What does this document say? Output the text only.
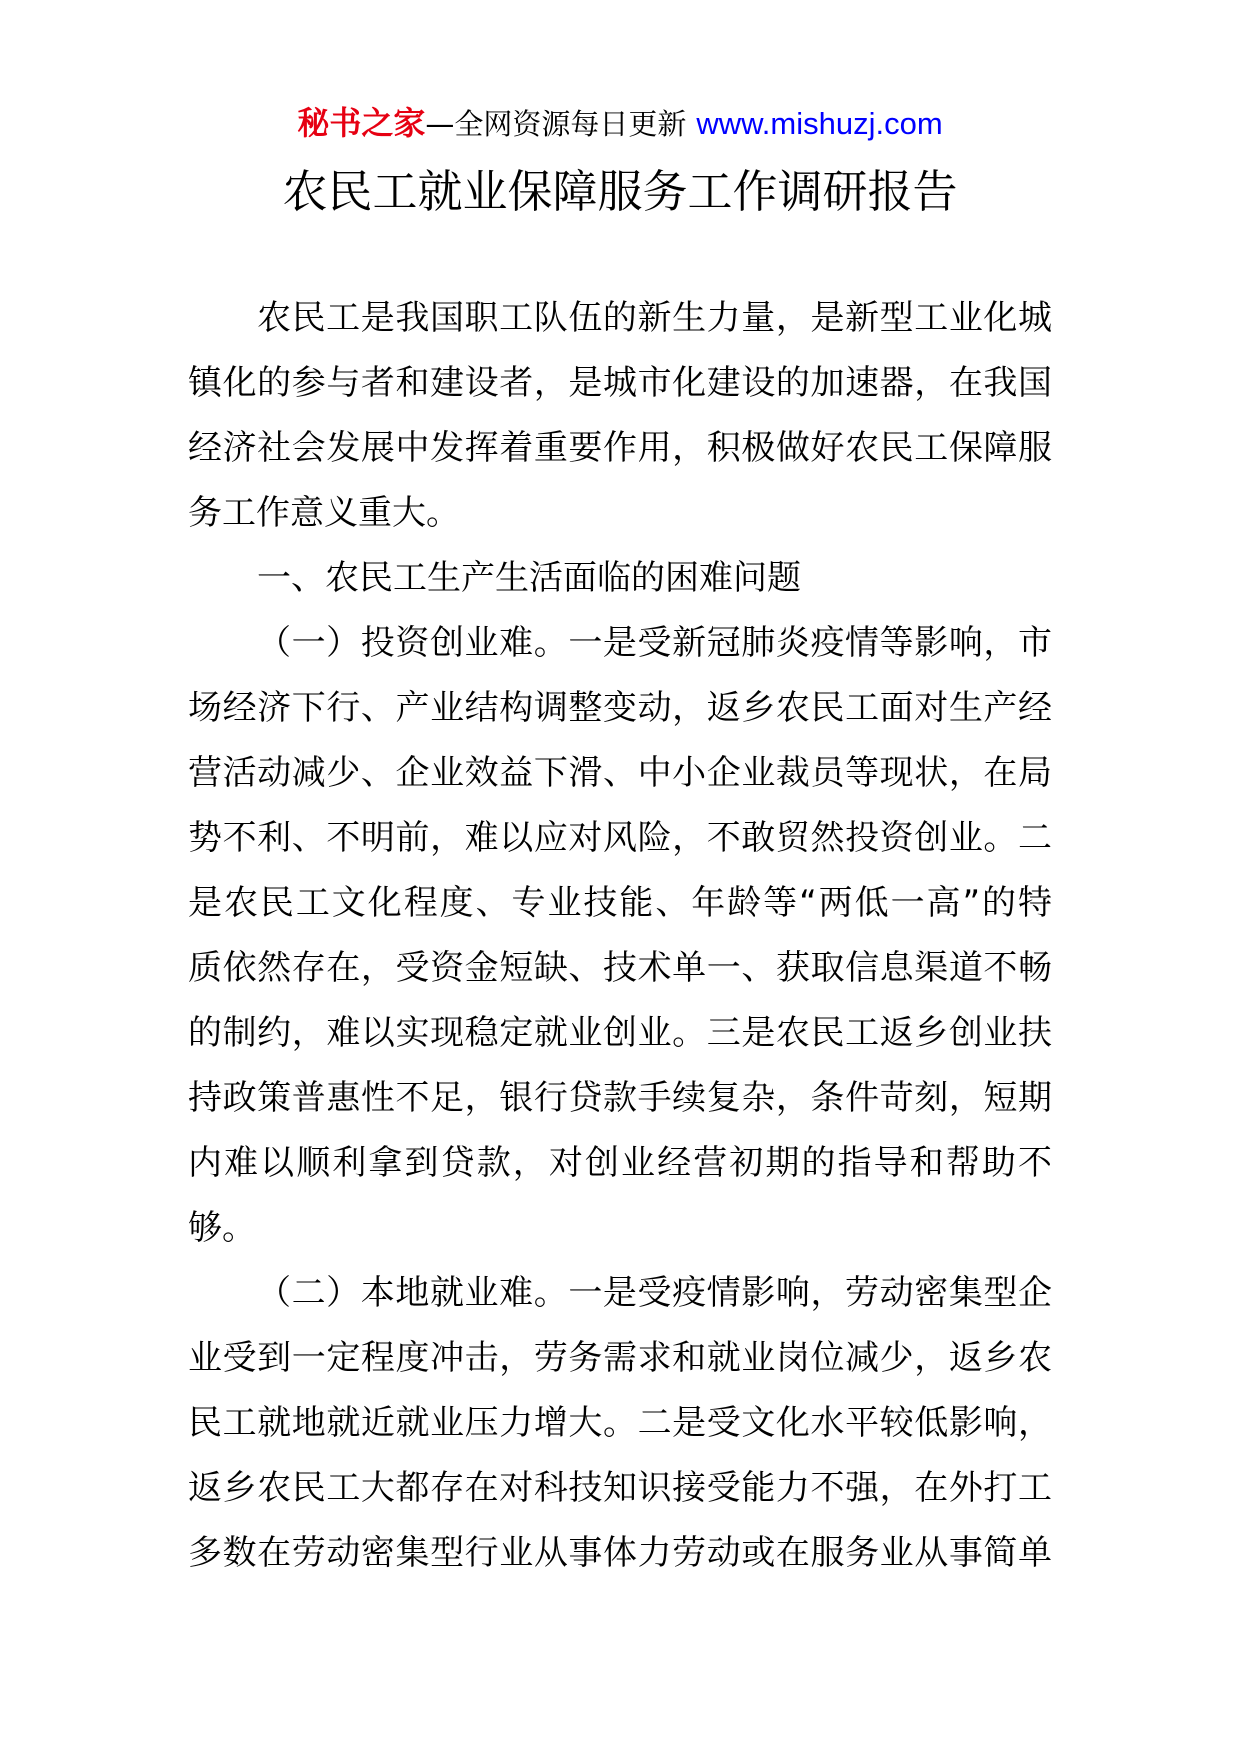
秘书之家—全网资源每日更新 www.mishuzj.com
农民工就业保障服务工作调研报告
农民工是我国职工队伍的新生力量，是新型工业化城
镇化的参与者和建设者，是城市化建设的加速器，在我国
经济社会发展中发挥着重要作用，积极做好农民工保障服
务工作意义重大。
一、农民工生产生活面临的困难问题
（一）投资创业难。一是受新冠肺炎疫情等影响，市
场经济下行、产业结构调整变动，返乡农民工面对生产经
营活动减少、企业效益下滑、中小企业裁员等现状，在局
势不利、不明前，难以应对风险，不敢贸然投资创业。二
是农民工文化程度、专业技能、年龄等“两低一高”的特
质依然存在，受资金短缺、技术单一、获取信息渠道不畅
的制约，难以实现稳定就业创业。三是农民工返乡创业扶
持政策普惠性不足，银行贷款手续复杂，条件苛刻，短期
内难以顺利拿到贷款，对创业经营初期的指导和帮助不
够。
（二）本地就业难。一是受疫情影响，劳动密集型企
业受到一定程度冲击，劳务需求和就业岗位减少，返乡农
民工就地就近就业压力增大。二是受文化水平较低影响，
返乡农民工大都存在对科技知识接受能力不强，在外打工
多数在劳动密集型行业从事体力劳动或在服务业从事简单
